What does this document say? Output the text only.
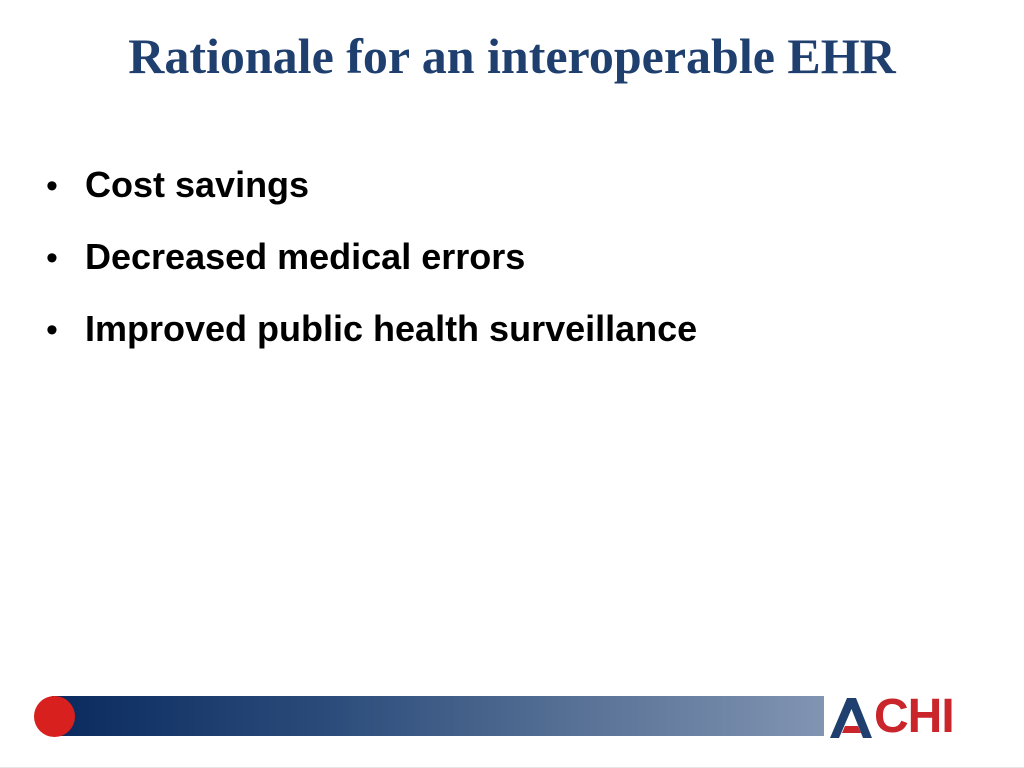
Rationale for an interoperable EHR
• Cost savings
• Decreased medical errors
• Improved public health surveillance
CHI
